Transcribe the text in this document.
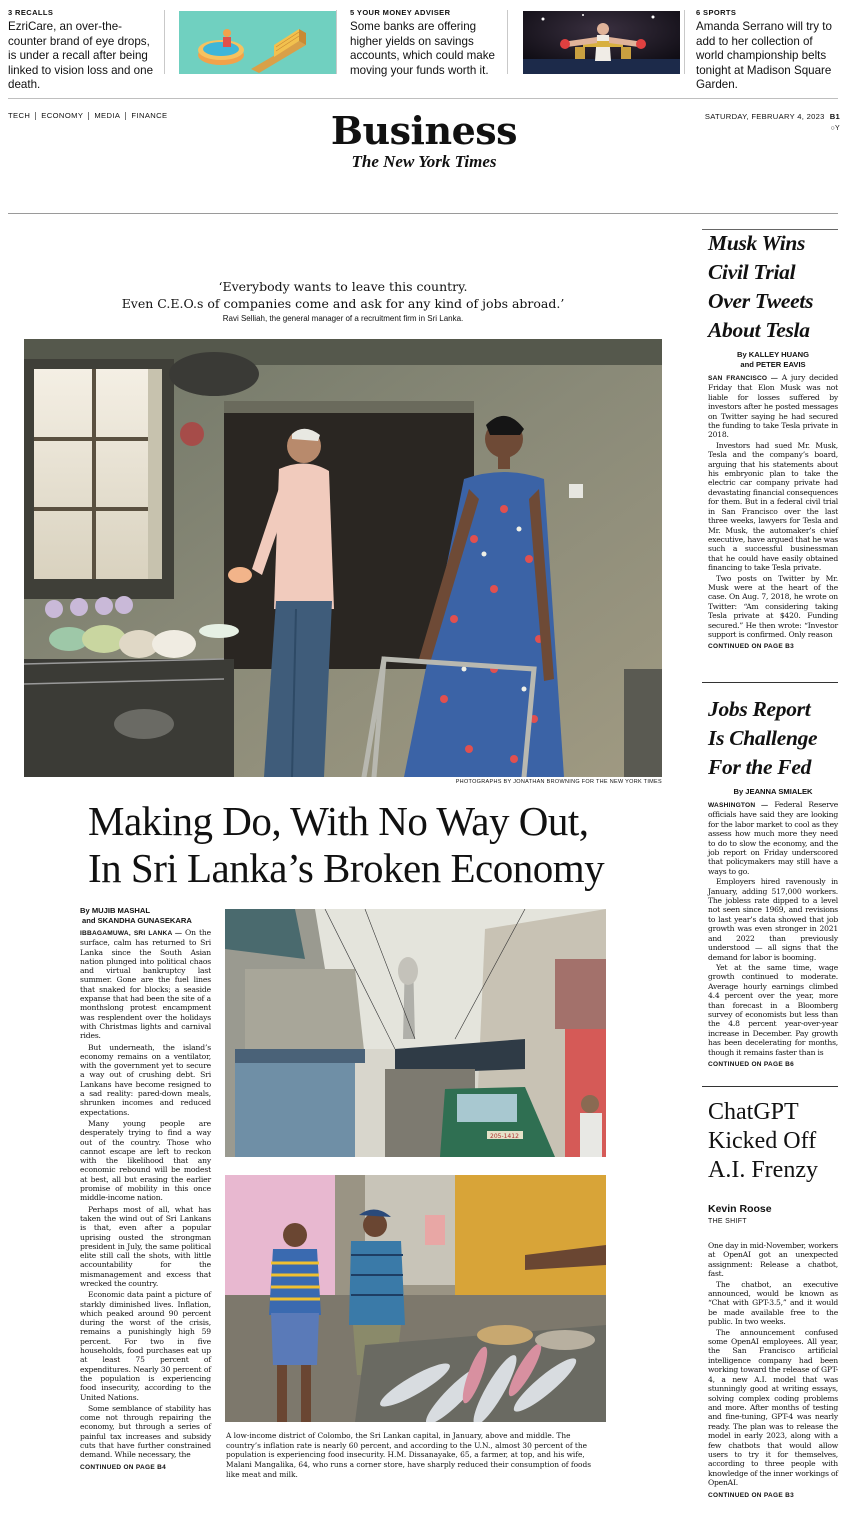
3 RECALLS
EzriCare, an over-the-counter brand of eye drops, is under a recall after being linked to vision loss and one death.
5 YOUR MONEY ADVISER
Some banks are offering higher yields on savings accounts, which could make moving your funds worth it.
6 SPORTS
Amanda Serrano will try to add to her collection of world championship belts tonight at Madison Square Garden.
TECH	ECONOMY	MEDIA	FINANCE	Business
The New York Times
SATURDAY, FEBRUARY 4, 2023 B1
○Y
‘Everybody wants to leave this country.
Even C.E.O.s of companies come and ask for any kind of jobs abroad.’
Ravi Selliah, the general manager of a recruitment firm in Sri Lanka.
PHOTOGRAPHS BY JONATHAN BROWNING FOR THE NEW YORK TIMES
Making Do, With No Way Out,
In Sri Lanka’s Broken Economy
By MUJIB MASHAL
and SKANDHA GUNASEKARA

IBBAGAMUWA, SRI LANKA — On the surface, calm has returned to Sri Lanka since the South Asian nation plunged into political chaos and virtual bankruptcy last summer. Gone are the fuel lines that snaked for blocks; a seaside expanse that had been the site of a monthslong protest encampment was resplendent over the holidays with Christmas lights and carnival rides.

But underneath, the island’s economy remains on a ventilator, with the government yet to secure a way out of crushing debt. Sri Lankans have become resigned to a sad reality: pared-down meals, shrunken incomes and reduced expectations.

Many young people are desperately trying to find a way out of the country. Those who cannot escape are left to reckon with the likelihood that any economic rebound will be modest at best, all but erasing the earlier promise of mobility in this once middle-income nation.

Perhaps most of all, what has taken the wind out of Sri Lankans is that, even after a popular uprising ousted the strongman president in July, the same political elite still call the shots, with little accountability for the mismanagement and excess that wrecked the country.

Economic data paint a picture of starkly diminished lives. Inflation, which peaked around 90 percent during the worst of the crisis, remains a punishingly high 59 percent. For two in five households, food purchases eat up at least 75 percent of expenditures. Nearly 30 percent of the population is experiencing food insecurity, according to the United Nations.

Some semblance of stability has come not through repairing the economy, but through a series of painful tax increases and subsidy cuts that have further constrained demand. While necessary, the

CONTINUED ON PAGE B4
205-1412
A low-income district of Colombo, the Sri Lankan capital, in January, above and middle. The country’s inflation rate is nearly 60 percent, and according to the U.N., almost 30 percent of the population is experiencing food insecurity. H.M. Dissanayake, 65, a farmer, at top, and his wife, Malani Mangalika, 64, who runs a corner store, have sharply reduced their consumption of foods like meat and milk.
Musk Wins
Civil Trial
Over Tweets
About Tesla
By KALLEY HUANG
and PETER EAVIS

SAN FRANCISCO — A jury decided Friday that Elon Musk was not liable for losses suffered by investors after he posted messages on Twitter saying he had secured the funding to take Tesla private in 2018.

Investors had sued Mr. Musk, Tesla and the company’s board, arguing that his statements about his embryonic plan to take the electric car company private had devastating financial consequences for them. But in a federal civil trial in San Francisco over the last three weeks, lawyers for Tesla and Mr. Musk, the automaker’s chief executive, have argued that he was such a successful businessman that he could have easily obtained financing to take Tesla private.

Two posts on Twitter by Mr. Musk were at the heart of the case. On Aug. 7, 2018, he wrote on Twitter: “Am considering taking Tesla private at $420. Funding secured.” He then wrote: “Investor support is confirmed. Only reason

CONTINUED ON PAGE B3
Jobs Report
Is Challenge
For the Fed
By JEANNA SMIALEK

WASHINGTON — Federal Reserve officials have said they are looking for the labor market to cool as they assess how much more they need to do to slow the economy, and the job report on Friday underscored that policymakers may still have a ways to go.

Employers hired ravenously in January, adding 517,000 workers. The jobless rate dipped to a level not seen since 1969, and revisions to last year’s data showed that job growth was even stronger in 2021 and 2022 than previously understood — all signs that the demand for labor is booming.

Yet at the same time, wage growth continued to moderate. Average hourly earnings climbed 4.4 percent over the year, more than forecast in a Bloomberg survey of economists but less than the 4.8 percent year-over-year increase in December. Pay growth has been decelerating for months, though it remains faster than is

CONTINUED ON PAGE B6
ChatGPT
Kicked Off
A.I. Frenzy
Kevin Roose
THE SHIFT

One day in mid-November, workers at OpenAI got an unexpected assignment: Release a chatbot, fast.

The chatbot, an executive announced, would be known as “Chat with GPT-3.5,” and it would be made available free to the public. In two weeks.

The announcement confused some OpenAI employees. All year, the San Francisco artificial intelligence company had been working toward the release of GPT-4, a new A.I. model that was stunningly good at writing essays, solving complex coding problems and more. After months of testing and fine-tuning, GPT-4 was nearly ready. The plan was to release the model in early 2023, along with a few chatbots that would allow users to try it for themselves, according to three people with knowledge of the inner workings of OpenAI.

CONTINUED ON PAGE B3
